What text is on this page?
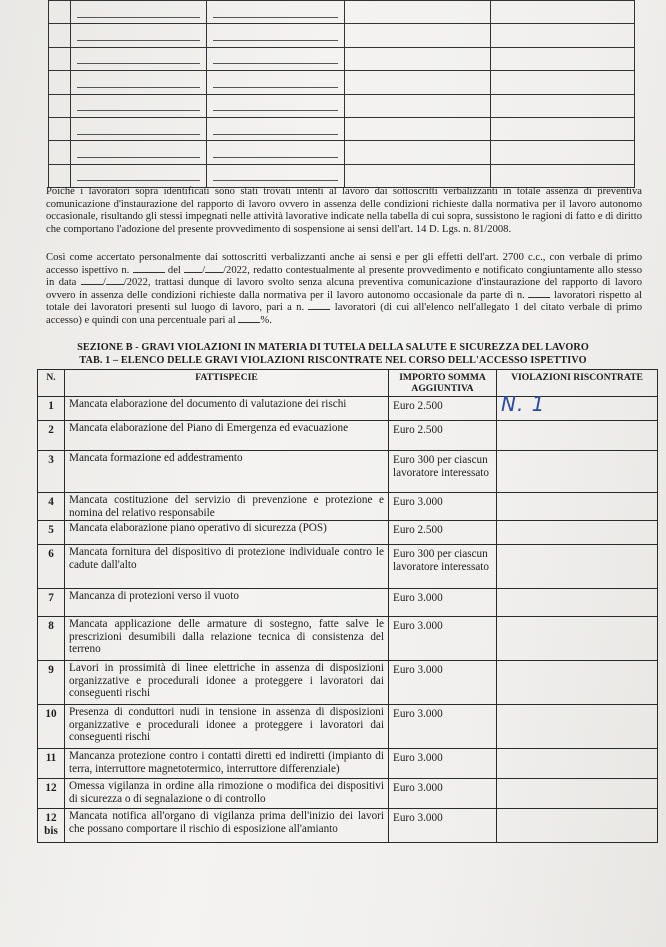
Poiché i lavoratori sopra identificati sono stati trovati intenti al lavoro dai sottoscritti verbalizzanti in totale assenza di preventiva comunicazione d'instaurazione del rapporto di lavoro ovvero in assenza delle condizioni richieste dalla normativa per il lavoro autonomo occasionale, risultando gli stessi impegnati nelle attività lavorative indicate nella tabella di cui sopra, sussistono le ragioni di fatto e di diritto che comportano l'adozione del presente provvedimento di sospensione ai sensi dell'art. 14 D. Lgs. n. 81/2008.
Così come accertato personalmente dai sottoscritti verbalizzanti anche ai sensi e per gli effetti dell'art. 2700 c.c., con verbale di primo accesso ispettivo n.	del / /2022, redatto contestualmente al presente provvedimento e notificato congiuntamente allo stesso in data / /2022, trattasi dunque di lavoro svolto senza alcuna preventiva comunicazione d'instaurazione del rapporto di lavoro ovvero in assenza delle condizioni richieste dalla normativa per il lavoro autonomo occasionale da parte di n.	lavoratori rispetto al totale dei lavoratori presenti sul luogo di lavoro, pari a n.	lavoratori (di cui all'elenco nell'allegato 1 del citato verbale di primo accesso) e quindi con una percentuale pari al %.
SEZIONE B - GRAVI VIOLAZIONI IN MATERIA DI TUTELA DELLA SALUTE E SICUREZZA DEL LAVORO
TAB. 1 – ELENCO DELLE GRAVI VIOLAZIONI RISCONTRATE NEL CORSO DELL'ACCESSO ISPETTIVO
N.	FATTISPECIE	IMPORTO SOMMA AGGIUNTIVA	VIOLAZIONI RISCONTRATE
1	Mancata elaborazione del documento di valutazione dei rischi	Euro 2.500	N. 1
2	Mancata elaborazione del Piano di Emergenza ed evacuazione	Euro 2.500	
3	Mancata formazione ed addestramento	Euro 300 per ciascun lavoratore interessato	
4	Mancata costituzione del servizio di prevenzione e protezione e nomina del relativo responsabile	Euro 3.000	
5	Mancata elaborazione piano operativo di sicurezza (POS)	Euro 2.500	
6	Mancata fornitura del dispositivo di protezione individuale contro le cadute dall'alto	Euro 300 per ciascun lavoratore interessato	
7	Mancanza di protezioni verso il vuoto	Euro 3.000	
8	Mancata applicazione delle armature di sostegno, fatte salve le prescrizioni desumibili dalla relazione tecnica di consistenza del terreno	Euro 3.000	
9	Lavori in prossimità di linee elettriche in assenza di disposizioni organizzative e procedurali idonee a proteggere i lavoratori dai conseguenti rischi	Euro 3.000	
10	Presenza di conduttori nudi in tensione in assenza di disposizioni organizzative e procedurali idonee a proteggere i lavoratori dai conseguenti rischi	Euro 3.000	
11	Mancanza protezione contro i contatti diretti ed indiretti (impianto di terra, interruttore magnetotermico, interruttore differenziale)	Euro 3.000	
12	Omessa vigilanza in ordine alla rimozione o modifica dei dispositivi di sicurezza o di segnalazione o di controllo	Euro 3.000	
12 bis	Mancata notifica all'organo di vigilanza prima dell'inizio dei lavori che possano comportare il rischio di esposizione all'amianto	Euro 3.000	
